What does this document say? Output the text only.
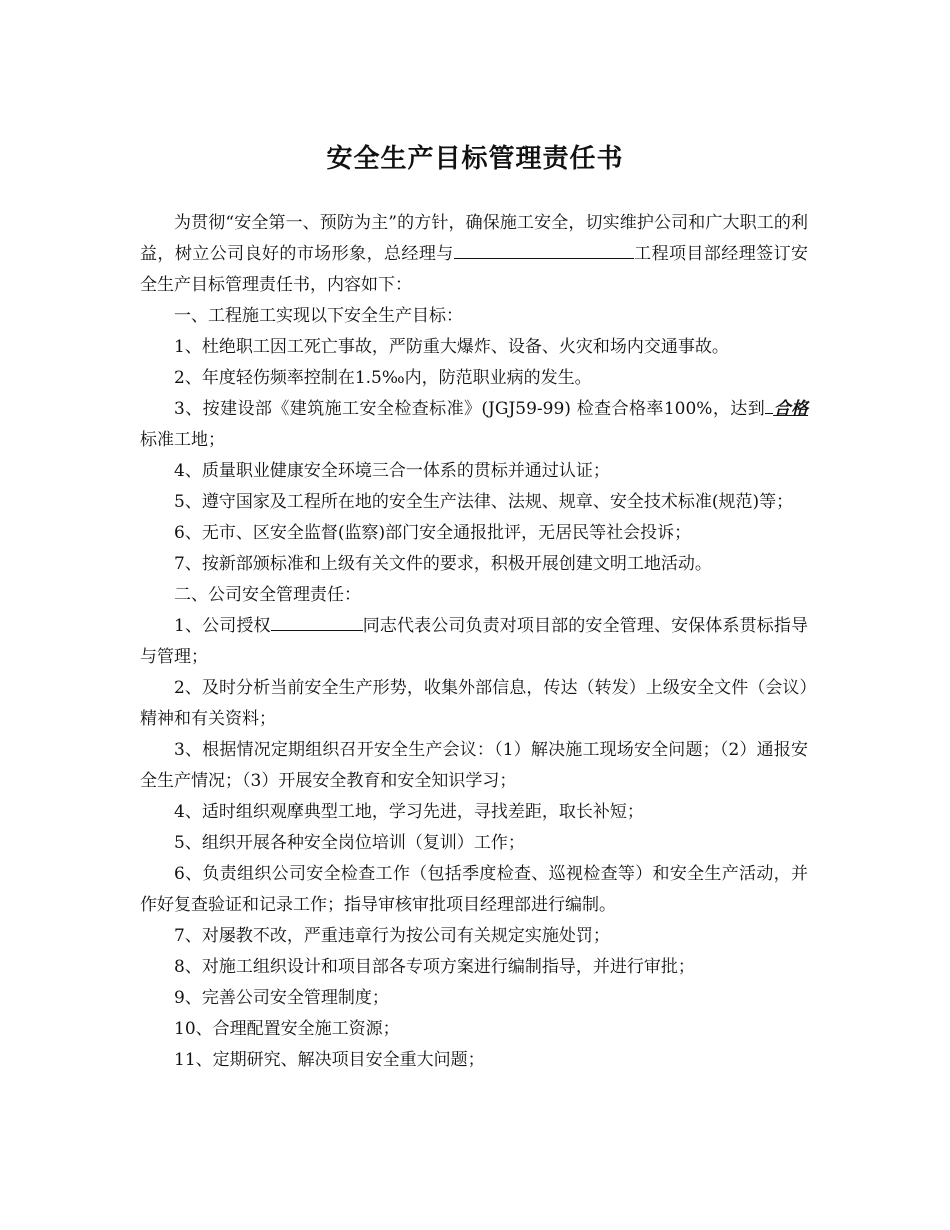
安全生产目标管理责任书

为贯彻“安全第一、预防为主”的方针，确保施工安全，切实维护公司和广大职工的利益，树立公司良好的市场形象，总经理与	工程项目部经理签订安全生产目标管理责任书，内容如下：

一、工程施工实现以下安全生产目标：

1、杜绝职工因工死亡事故，严防重大爆炸、设备、火灾和场内交通事故。

2、年度轻伤频率控制在1.5‰内，防范职业病的发生。

3、按建设部《建筑施工安全检查标准》(JGJ59-99) 检查合格率100%，达到 合格标准工地；

4、质量职业健康安全环境三合一体系的贯标并通过认证；

5、遵守国家及工程所在地的安全生产法律、法规、规章、安全技术标准(规范)等；

6、无市、区安全监督(监察)部门安全通报批评，无居民等社会投诉；

7、按新部颁标准和上级有关文件的要求，积极开展创建文明工地活动。

二、公司安全管理责任：

1、公司授权	同志代表公司负责对项目部的安全管理、安保体系贯标指导与管理；

2、及时分析当前安全生产形势，收集外部信息，传达（转发）上级安全文件（会议）精神和有关资料；

3、根据情况定期组织召开安全生产会议：（1）解决施工现场安全问题；（2）通报安全生产情况；（3）开展安全教育和安全知识学习；

4、适时组织观摩典型工地，学习先进，寻找差距，取长补短；

5、组织开展各种安全岗位培训（复训）工作；

6、负责组织公司安全检查工作（包括季度检查、巡视检查等）和安全生产活动，并作好复查验证和记录工作；指导审核审批项目经理部进行编制。

7、对屡教不改，严重违章行为按公司有关规定实施处罚；

8、对施工组织设计和项目部各专项方案进行编制指导，并进行审批；

9、完善公司安全管理制度；

10、合理配置安全施工资源；

11、定期研究、解决项目安全重大问题；
